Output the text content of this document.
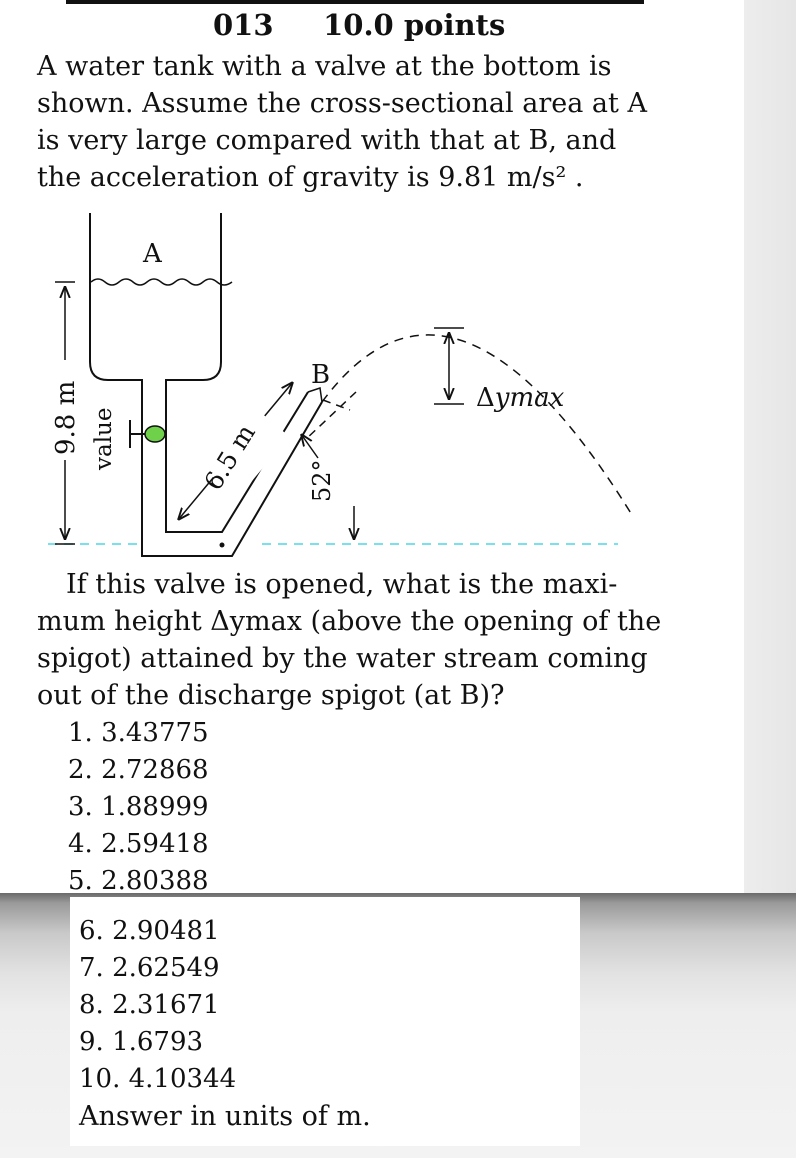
013 10.0 points
A water tank with a valve at the bottom is
shown. Assume the cross-sectional area at A
is very large compared with that at B, and
the acceleration of gravity is 9.81 m/s² .
9.8 m value
A
B
6.5 m 52°
Δymax
If this valve is opened, what is the maxi-
mum height Δymax (above the opening of the
spigot) attained by the water stream coming
out of the discharge spigot (at B)?
1. 3.43775
2. 2.72868
3. 1.88999
4. 2.59418
5. 2.80388
6. 2.90481
7. 2.62549
8. 2.31671
9. 1.6793
10. 4.10344
Answer in units of m.
